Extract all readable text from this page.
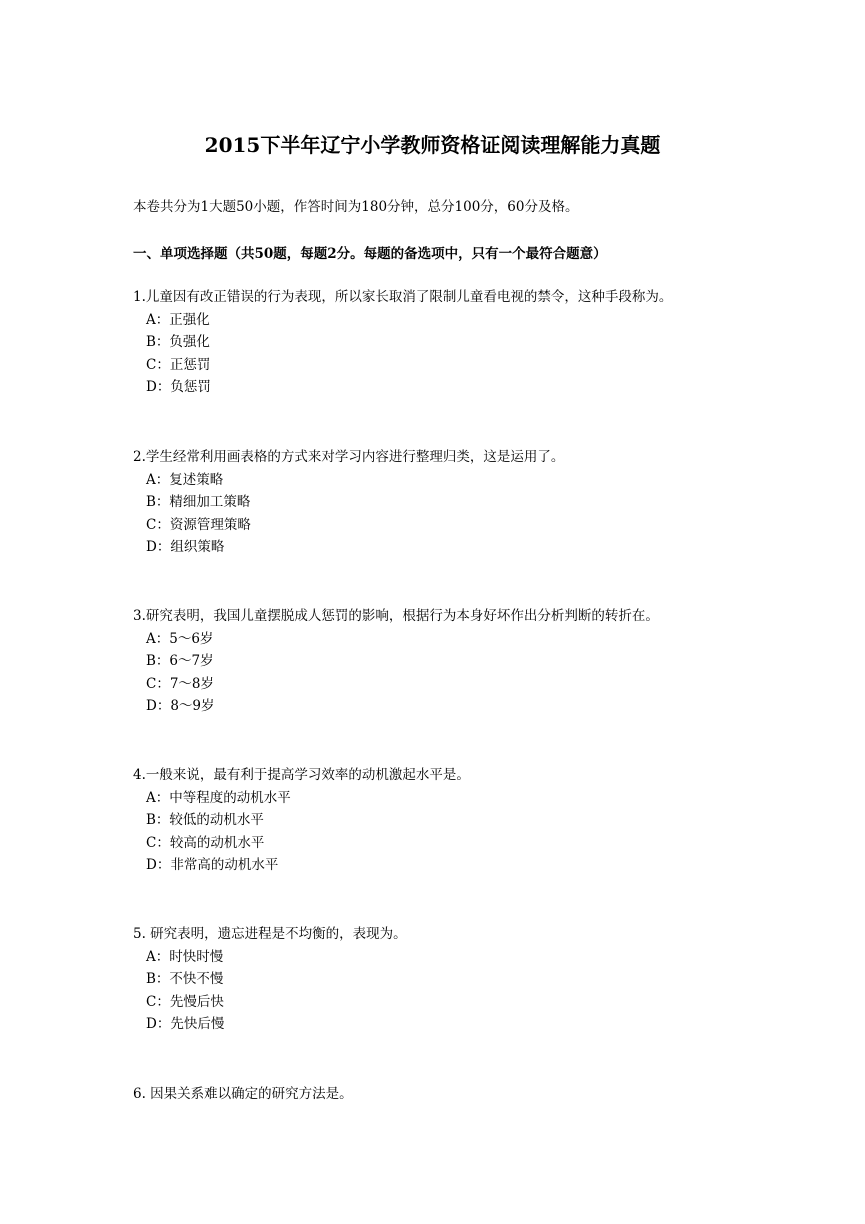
2015下半年辽宁小学教师资格证阅读理解能力真题
本卷共分为1大题50小题，作答时间为180分钟，总分100分，60分及格。
一、单项选择题（共50题，每题2分。每题的备选项中，只有一个最符合题意）
1.儿童因有改正错误的行为表现，所以家长取消了限制儿童看电视的禁令，这种手段称为。
A：正强化
B：负强化
C：正惩罚
D：负惩罚
2.学生经常利用画表格的方式来对学习内容进行整理归类，这是运用了。
A：复述策略
B：精细加工策略
C：资源管理策略
D：组织策略
3.研究表明，我国儿童摆脱成人惩罚的影响，根据行为本身好坏作出分析判断的转折在。
A：5～6岁
B：6～7岁
C：7～8岁
D：8～9岁
4.一般来说，最有利于提高学习效率的动机激起水平是。
A：中等程度的动机水平
B：较低的动机水平
C：较高的动机水平
D：非常高的动机水平
5. 研究表明，遗忘进程是不均衡的，表现为。
A：时快时慢
B：不快不慢
C：先慢后快
D：先快后慢
6. 因果关系难以确定的研究方法是。
